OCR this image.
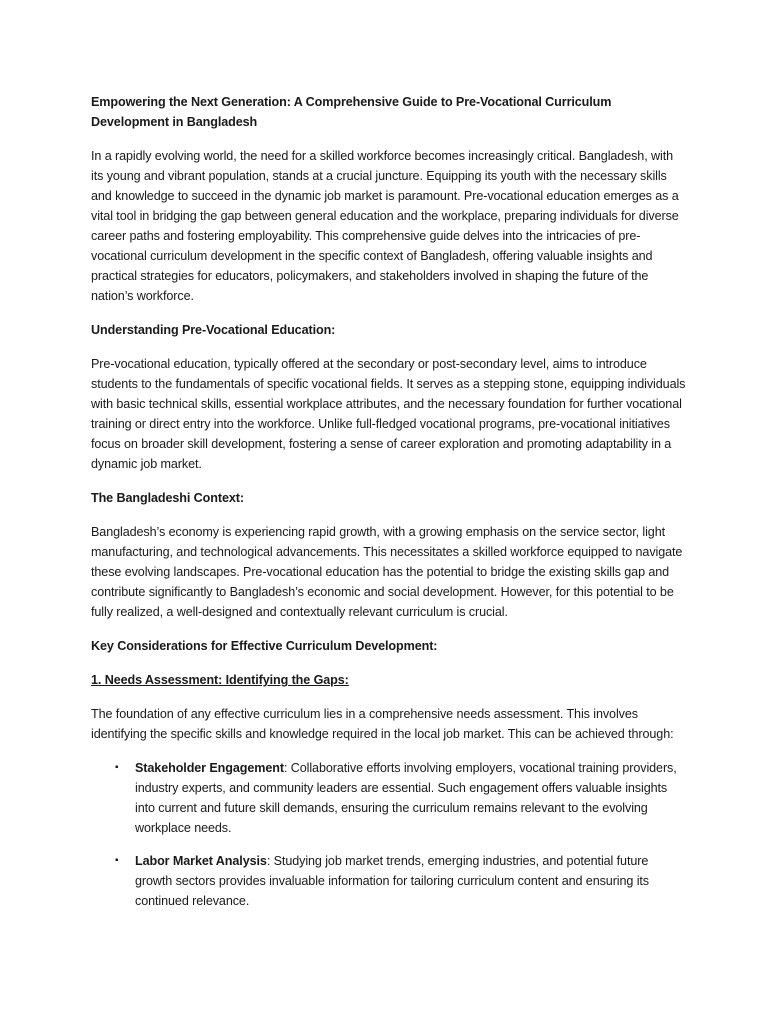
Empowering the Next Generation: A Comprehensive Guide to Pre-Vocational Curriculum Development in Bangladesh

In a rapidly evolving world, the need for a skilled workforce becomes increasingly critical. Bangladesh, with its young and vibrant population, stands at a crucial juncture. Equipping its youth with the necessary skills and knowledge to succeed in the dynamic job market is paramount. Pre-vocational education emerges as a vital tool in bridging the gap between general education and the workplace, preparing individuals for diverse career paths and fostering employability. This comprehensive guide delves into the intricacies of pre-vocational curriculum development in the specific context of Bangladesh, offering valuable insights and practical strategies for educators, policymakers, and stakeholders involved in shaping the future of the nation’s workforce.

Understanding Pre-Vocational Education:

Pre-vocational education, typically offered at the secondary or post-secondary level, aims to introduce students to the fundamentals of specific vocational fields. It serves as a stepping stone, equipping individuals with basic technical skills, essential workplace attributes, and the necessary foundation for further vocational training or direct entry into the workforce. Unlike full-fledged vocational programs, pre-vocational initiatives focus on broader skill development, fostering a sense of career exploration and promoting adaptability in a dynamic job market.

The Bangladeshi Context:

Bangladesh’s economy is experiencing rapid growth, with a growing emphasis on the service sector, light manufacturing, and technological advancements. This necessitates a skilled workforce equipped to navigate these evolving landscapes. Pre-vocational education has the potential to bridge the existing skills gap and contribute significantly to Bangladesh’s economic and social development. However, for this potential to be fully realized, a well-designed and contextually relevant curriculum is crucial.

Key Considerations for Effective Curriculum Development:
1. Needs Assessment: Identifying the Gaps:

The foundation of any effective curriculum lies in a comprehensive needs assessment. This involves identifying the specific skills and knowledge required in the local job market. This can be achieved through:

▪ Stakeholder Engagement: Collaborative efforts involving employers, vocational training providers, industry experts, and community leaders are essential. Such engagement offers valuable insights into current and future skill demands, ensuring the curriculum remains relevant to the evolving workplace needs.
▪ Labor Market Analysis: Studying job market trends, emerging industries, and potential future growth sectors provides invaluable information for tailoring curriculum content and ensuring its continued relevance.
